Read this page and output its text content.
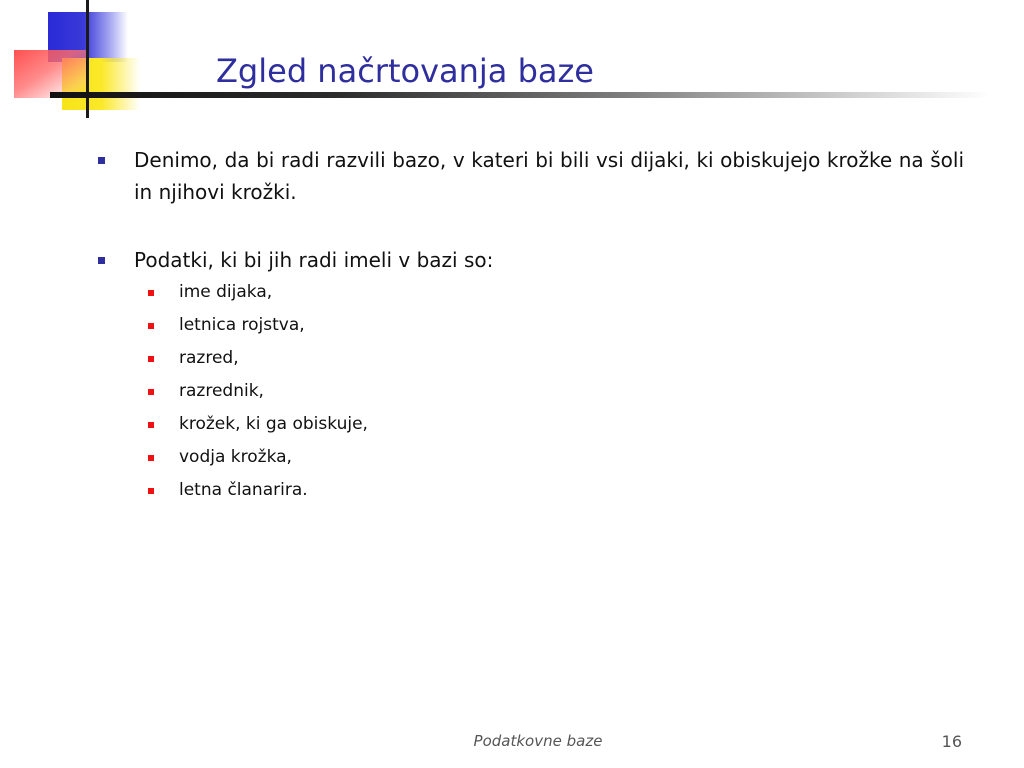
Zgled načrtovanja baze
Denimo, da bi radi razvili bazo, v kateri bi bili vsi dijaki, ki obiskujejo krožke na šoli in njihovi krožki.
Podatki, ki bi jih radi imeli v bazi so:
ime dijaka,
letnica rojstva,
razred,
razrednik,
krožek, ki ga obiskuje,
vodja krožka,
letna članarira.
Podatkovne baze	16
